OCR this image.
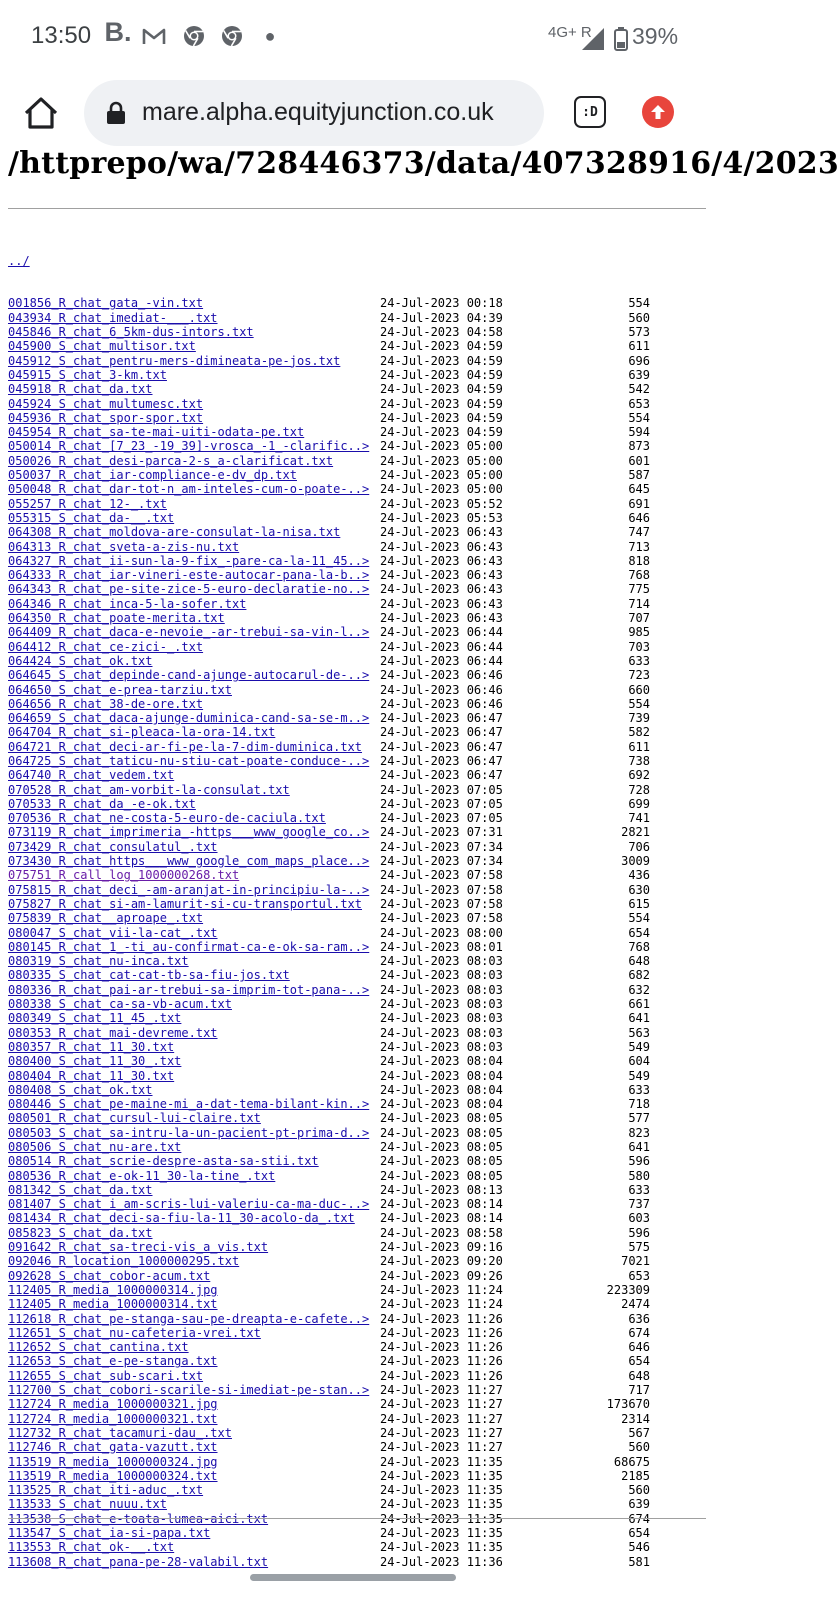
13:50 B.	●	4G+ R 39%
mare.alpha.equityjunction.co.uk	:D
/httprepo/wa/728446373/data/407328916/4/2023

../

001856_R_chat_gata_-vin.txt	24-Jul-2023 00:18	554
043934_R_chat_imediat-___.txt	24-Jul-2023 04:39	560
045846_R_chat_6_5km-dus-intors.txt	24-Jul-2023 04:58	573
045900_S_chat_multisor.txt	24-Jul-2023 04:59	611
045912_S_chat_pentru-mers-dimineata-pe-jos.txt	24-Jul-2023 04:59	696
045915_S_chat_3-km.txt	24-Jul-2023 04:59	639
045918_R_chat_da.txt	24-Jul-2023 04:59	542
045924_S_chat_multumesc.txt	24-Jul-2023 04:59	653
045936_R_chat_spor-spor.txt	24-Jul-2023 04:59	554
045954_R_chat_sa-te-mai-uiti-odata-pe.txt	24-Jul-2023 04:59	594
050014_R_chat_[7_23_-19_39]-vrosca_-1_-clarific..> 24-Jul-2023 05:00	873
050026_R_chat_desi-parca-2-s_a-clarificat.txt	24-Jul-2023 05:00	601
050037_R_chat_iar-compliance-e-dv_dp.txt	24-Jul-2023 05:00	587
050048_R_chat_dar-tot-n_am-inteles-cum-o-poate-..> 24-Jul-2023 05:00	645
055257_R_chat_12-_.txt	24-Jul-2023 05:52	691
055315_S_chat_da-__.txt	24-Jul-2023 05:53	646
064308_R_chat_moldova-are-consulat-la-nisa.txt	24-Jul-2023 06:43	747
064313_R_chat_sveta-a-zis-nu.txt	24-Jul-2023 06:43	713
064327_R_chat_ii-sun-la-9-fix_-pare-ca-la-11_45..> 24-Jul-2023 06:43	818
064333_R_chat_iar-vineri-este-autocar-pana-la-b..> 24-Jul-2023 06:43	768
064343_R_chat_pe-site-zice-5-euro-declaratie-no..> 24-Jul-2023 06:43	775
064346_R_chat_inca-5-la-sofer.txt	24-Jul-2023 06:43	714
064350_R_chat_poate-merita.txt	24-Jul-2023 06:43	707
064409_R_chat_daca-e-nevoie_-ar-trebui-sa-vin-l..> 24-Jul-2023 06:44	985
064412_R_chat_ce-zici-_.txt	24-Jul-2023 06:44	703
064424_S_chat_ok.txt	24-Jul-2023 06:44	633
064645_S_chat_depinde-cand-ajunge-autocarul-de-..> 24-Jul-2023 06:46	723
064650_S_chat_e-prea-tarziu.txt	24-Jul-2023 06:46	660
064656_R_chat_38-de-ore.txt	24-Jul-2023 06:46	554
064659_S_chat_daca-ajunge-duminica-cand-sa-se-m..> 24-Jul-2023 06:47	739
064704_R_chat_si-pleaca-la-ora-14.txt	24-Jul-2023 06:47	582
064721_R_chat_deci-ar-fi-pe-la-7-dim-duminica.txt 24-Jul-2023 06:47	611
064725_S_chat_taticu-nu-stiu-cat-poate-conduce-..> 24-Jul-2023 06:47	738
064740_R_chat_vedem.txt	24-Jul-2023 06:47	692
070528_R_chat_am-vorbit-la-consulat.txt	24-Jul-2023 07:05	728
070533_R_chat_da_-e-ok.txt	24-Jul-2023 07:05	699
070536_R_chat_ne-costa-5-euro-de-caciula.txt	24-Jul-2023 07:05	741
073119_R_chat_imprimeria_-https___www_google_co..> 24-Jul-2023 07:31	2821
073429_R_chat_consulatul_.txt	24-Jul-2023 07:34	706
073430_R_chat_https___www_google_com_maps_place..> 24-Jul-2023 07:34	3009
075751_R_call_log_1000000268.txt	24-Jul-2023 07:58	436
075815_R_chat_deci_-am-aranjat-in-principiu-la-..> 24-Jul-2023 07:58	630
075827_R_chat_si-am-lamurit-si-cu-transportul.txt 24-Jul-2023 07:58	615
075839_R_chat__aproape_.txt	24-Jul-2023 07:58	554
080047_S_chat_vii-la-cat_.txt	24-Jul-2023 08:00	654
080145_R_chat_1_-ti_au-confirmat-ca-e-ok-sa-ram..> 24-Jul-2023 08:01	768
080319_S_chat_nu-inca.txt	24-Jul-2023 08:03	648
080335_S_chat_cat-cat-tb-sa-fiu-jos.txt	24-Jul-2023 08:03	682
080336_R_chat_pai-ar-trebui-sa-imprim-tot-pana-..> 24-Jul-2023 08:03	632
080338_S_chat_ca-sa-vb-acum.txt	24-Jul-2023 08:03	661
080349_S_chat_11_45_.txt	24-Jul-2023 08:03	641
080353_R_chat_mai-devreme.txt	24-Jul-2023 08:03	563
080357_R_chat_11_30.txt	24-Jul-2023 08:03	549
080400_S_chat_11_30_.txt	24-Jul-2023 08:04	604
080404_R_chat_11_30.txt	24-Jul-2023 08:04	549
080408_S_chat_ok.txt	24-Jul-2023 08:04	633
080446_S_chat_pe-maine-mi_a-dat-tema-bilant-kin..> 24-Jul-2023 08:04	718
080501_R_chat_cursul-lui-claire.txt	24-Jul-2023 08:05	577
080503_S_chat_sa-intru-la-un-pacient-pt-prima-d..> 24-Jul-2023 08:05	823
080506_S_chat_nu-are.txt	24-Jul-2023 08:05	641
080514_R_chat_scrie-despre-asta-sa-stii.txt	24-Jul-2023 08:05	596
080536_R_chat_e-ok-11_30-la-tine_.txt	24-Jul-2023 08:05	580
081342_S_chat_da.txt	24-Jul-2023 08:13	633
081407_S_chat_i_am-scris-lui-valeriu-ca-ma-duc-..> 24-Jul-2023 08:14	737
081434_R_chat_deci-sa-fiu-la-11_30-acolo-da_.txt 24-Jul-2023 08:14	603
085823_S_chat_da.txt	24-Jul-2023 08:58	596
091642_R_chat_sa-treci-vis_a_vis.txt	24-Jul-2023 09:16	575
092046_R_location_1000000295.txt	24-Jul-2023 09:20	7021
092628_S_chat_cobor-acum.txt	24-Jul-2023 09:26	653
112405_R_media_1000000314.jpg	24-Jul-2023 11:24	223309
112405_R_media_1000000314.txt	24-Jul-2023 11:24	2474
112618_R_chat_pe-stanga-sau-pe-dreapta-e-cafete..> 24-Jul-2023 11:26	636
112651_S_chat_nu-cafeteria-vrei.txt	24-Jul-2023 11:26	674
112652_S_chat_cantina.txt	24-Jul-2023 11:26	646
112653_S_chat_e-pe-stanga.txt	24-Jul-2023 11:26	654
112655_S_chat_sub-scari.txt	24-Jul-2023 11:26	648
112700_S_chat_cobori-scarile-si-imediat-pe-stan..> 24-Jul-2023 11:27	717
112724_R_media_1000000321.jpg	24-Jul-2023 11:27	173670
112724_R_media_1000000321.txt	24-Jul-2023 11:27	2314
112732_R_chat_tacamuri-dau_.txt	24-Jul-2023 11:27	567
112746_R_chat_gata-vazutt.txt	24-Jul-2023 11:27	560
113519_R_media_1000000324.jpg	24-Jul-2023 11:35	68675
113519_R_media_1000000324.txt	24-Jul-2023 11:35	2185
113525_R_chat_iti-aduc_.txt	24-Jul-2023 11:35	560
113533_S_chat_nuuu.txt	24-Jul-2023 11:35	639
113538_S_chat_e-toata-lumea-aici.txt	24-Jul-2023 11:35	674
113547_S_chat_ia-si-papa.txt	24-Jul-2023 11:35	654
113553_R_chat_ok-__.txt	24-Jul-2023 11:35	546
113608_R_chat_pana-pe-28-valabil.txt	24-Jul-2023 11:36	581
